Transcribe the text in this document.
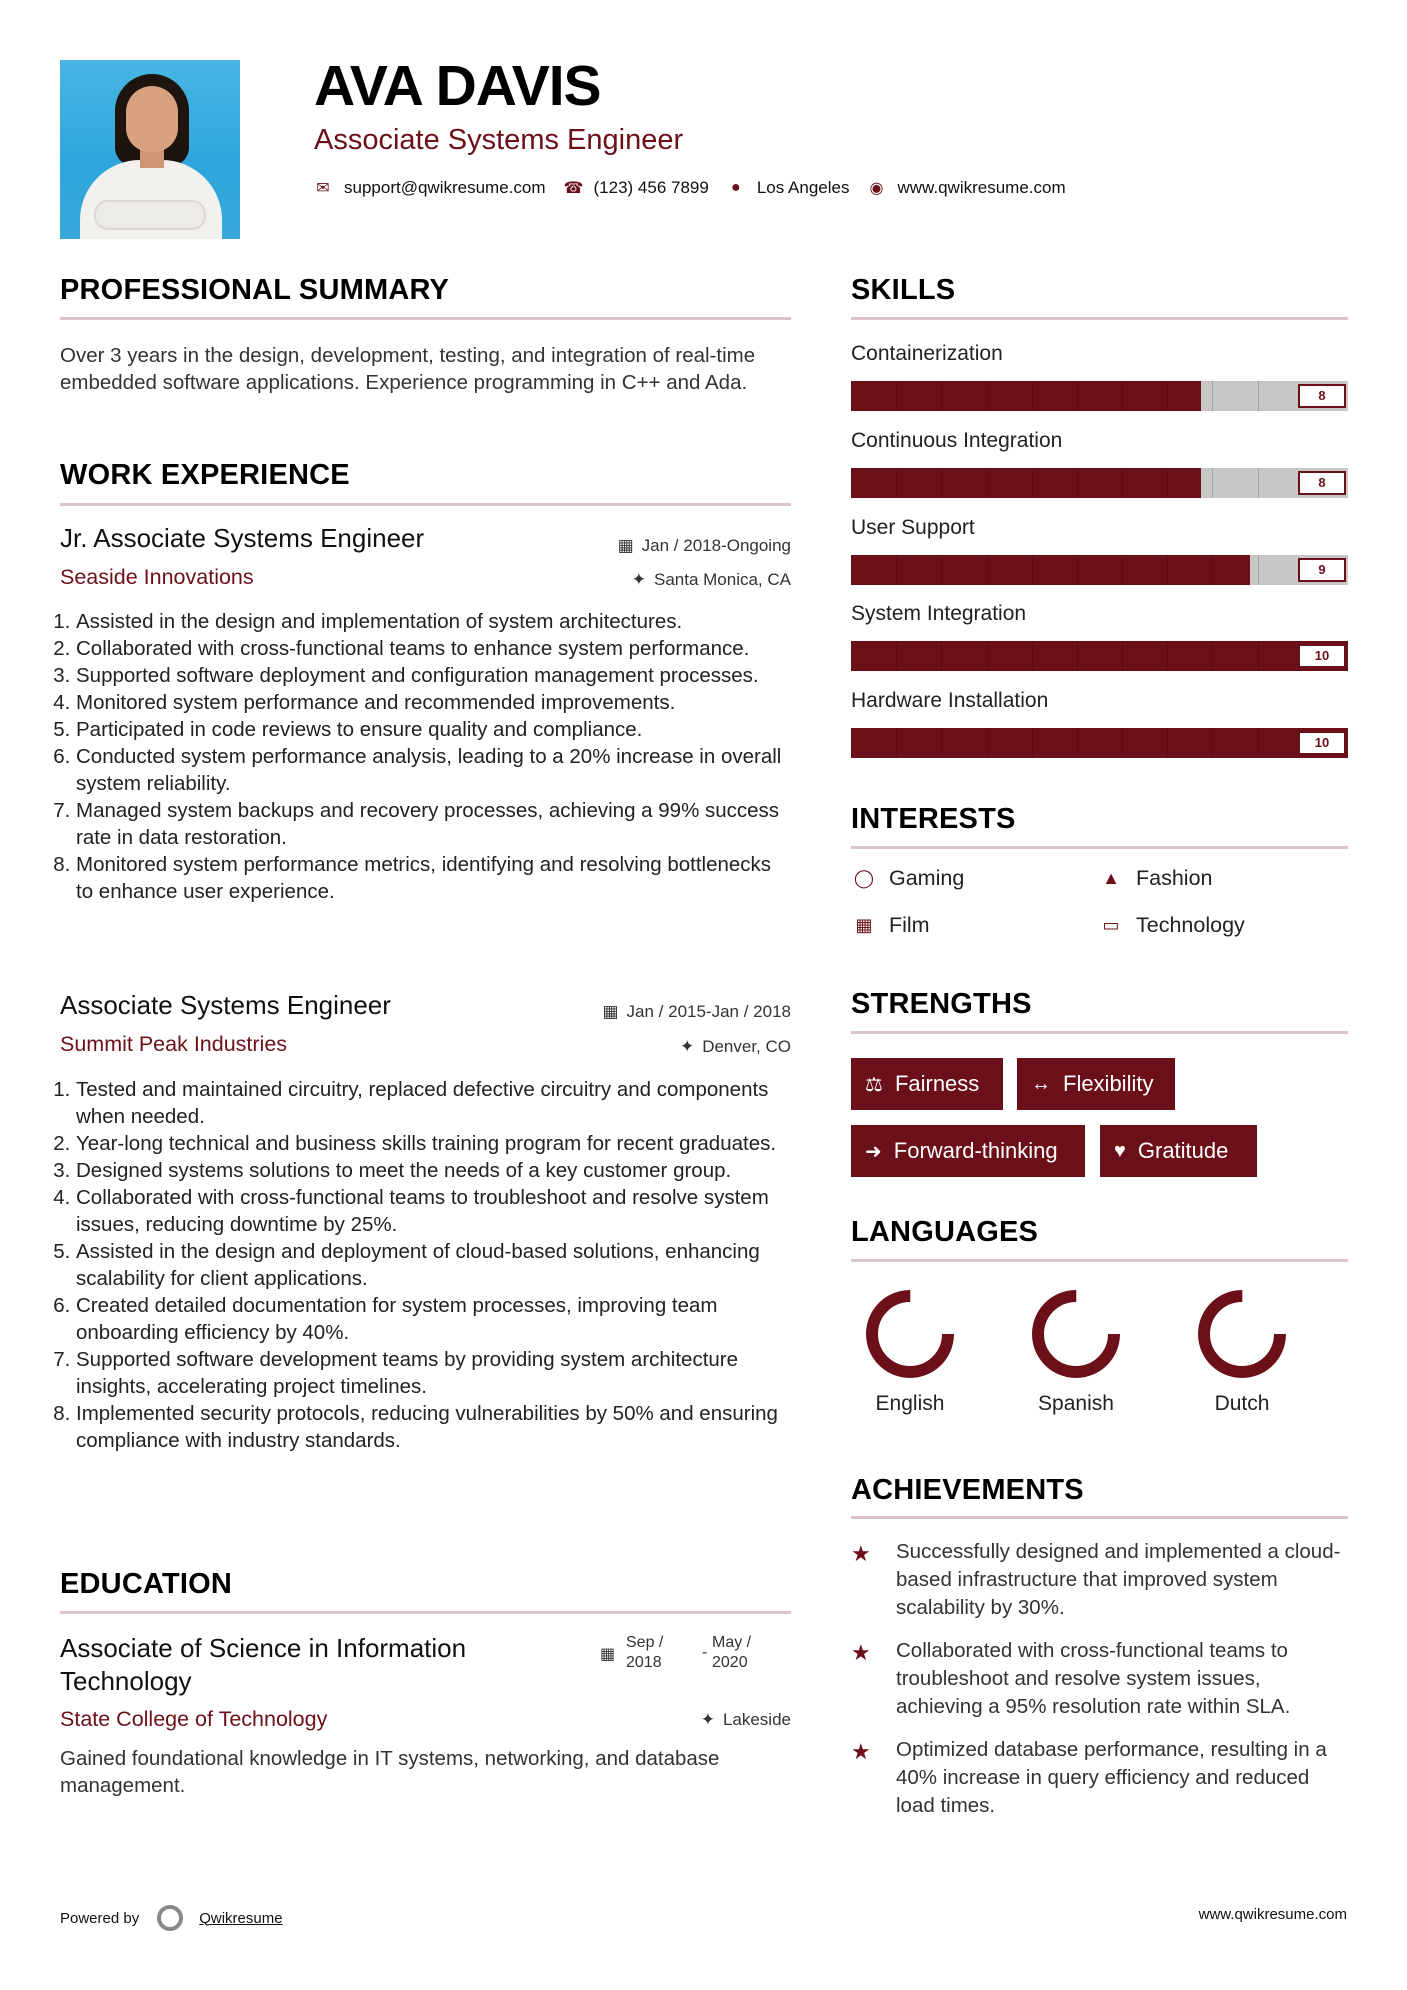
AVA DAVIS
Associate Systems Engineer
✉ support@qwikresume.com ☎ (123) 456 7899 ● Los Angeles ◉ www.qwikresume.com
PROFESSIONAL SUMMARY
Over 3 years in the design, development, testing, and integration of real-time embedded software applications. Experience programming in C++ and Ada.
WORK EXPERIENCE
Jr. Associate Systems Engineer	▦ Jan / 2018-Ongoing
Seaside Innovations	✦ Santa Monica, CA
1. Assisted in the design and implementation of system architectures.
2. Collaborated with cross-functional teams to enhance system performance.
3. Supported software deployment and configuration management processes.
4. Monitored system performance and recommended improvements.
5. Participated in code reviews to ensure quality and compliance.
6. Conducted system performance analysis, leading to a 20% increase in overall system reliability.
7. Managed system backups and recovery processes, achieving a 99% success rate in data restoration.
8. Monitored system performance metrics, identifying and resolving bottlenecks to enhance user experience.
Associate Systems Engineer	▦ Jan / 2015-Jan / 2018
Summit Peak Industries	✦ Denver, CO
1. Tested and maintained circuitry, replaced defective circuitry and components when needed.
2. Year-long technical and business skills training program for recent graduates.
3. Designed systems solutions to meet the needs of a key customer group.
4. Collaborated with cross-functional teams to troubleshoot and resolve system issues, reducing downtime by 25%.
5. Assisted in the design and deployment of cloud-based solutions, enhancing scalability for client applications.
6. Created detailed documentation for system processes, improving team onboarding efficiency by 40%.
7. Supported software development teams by providing system architecture insights, accelerating project timelines.
8. Implemented security protocols, reducing vulnerabilities by 50% and ensuring compliance with industry standards.
EDUCATION
Associate of Science in Information Technology
▦
Sep /
2018
-
May /
2020
State College of Technology	✦ Lakeside
Gained foundational knowledge in IT systems, networking, and database management.
SKILLS
Containerization
8
Continuous Integration
8
User Support
9
System Integration
10
Hardware Installation
10
INTERESTS
◯ Gaming	▲ Fashion
▦ Film	▭ Technology
STRENGTHS
⚖ Fairness	↔ Flexibility
➜ Forward-thinking	♥ Gratitude
LANGUAGES
English	Spanish	Dutch
ACHIEVEMENTS
★ Successfully designed and implemented a cloud-based infrastructure that improved system scalability by 30%.
★ Collaborated with cross-functional teams to troubleshoot and resolve system issues, achieving a 95% resolution rate within SLA.
★ Optimized database performance, resulting in a 40% increase in query efficiency and reduced load times.
Powered by	Qwikresume	www.qwikresume.com
